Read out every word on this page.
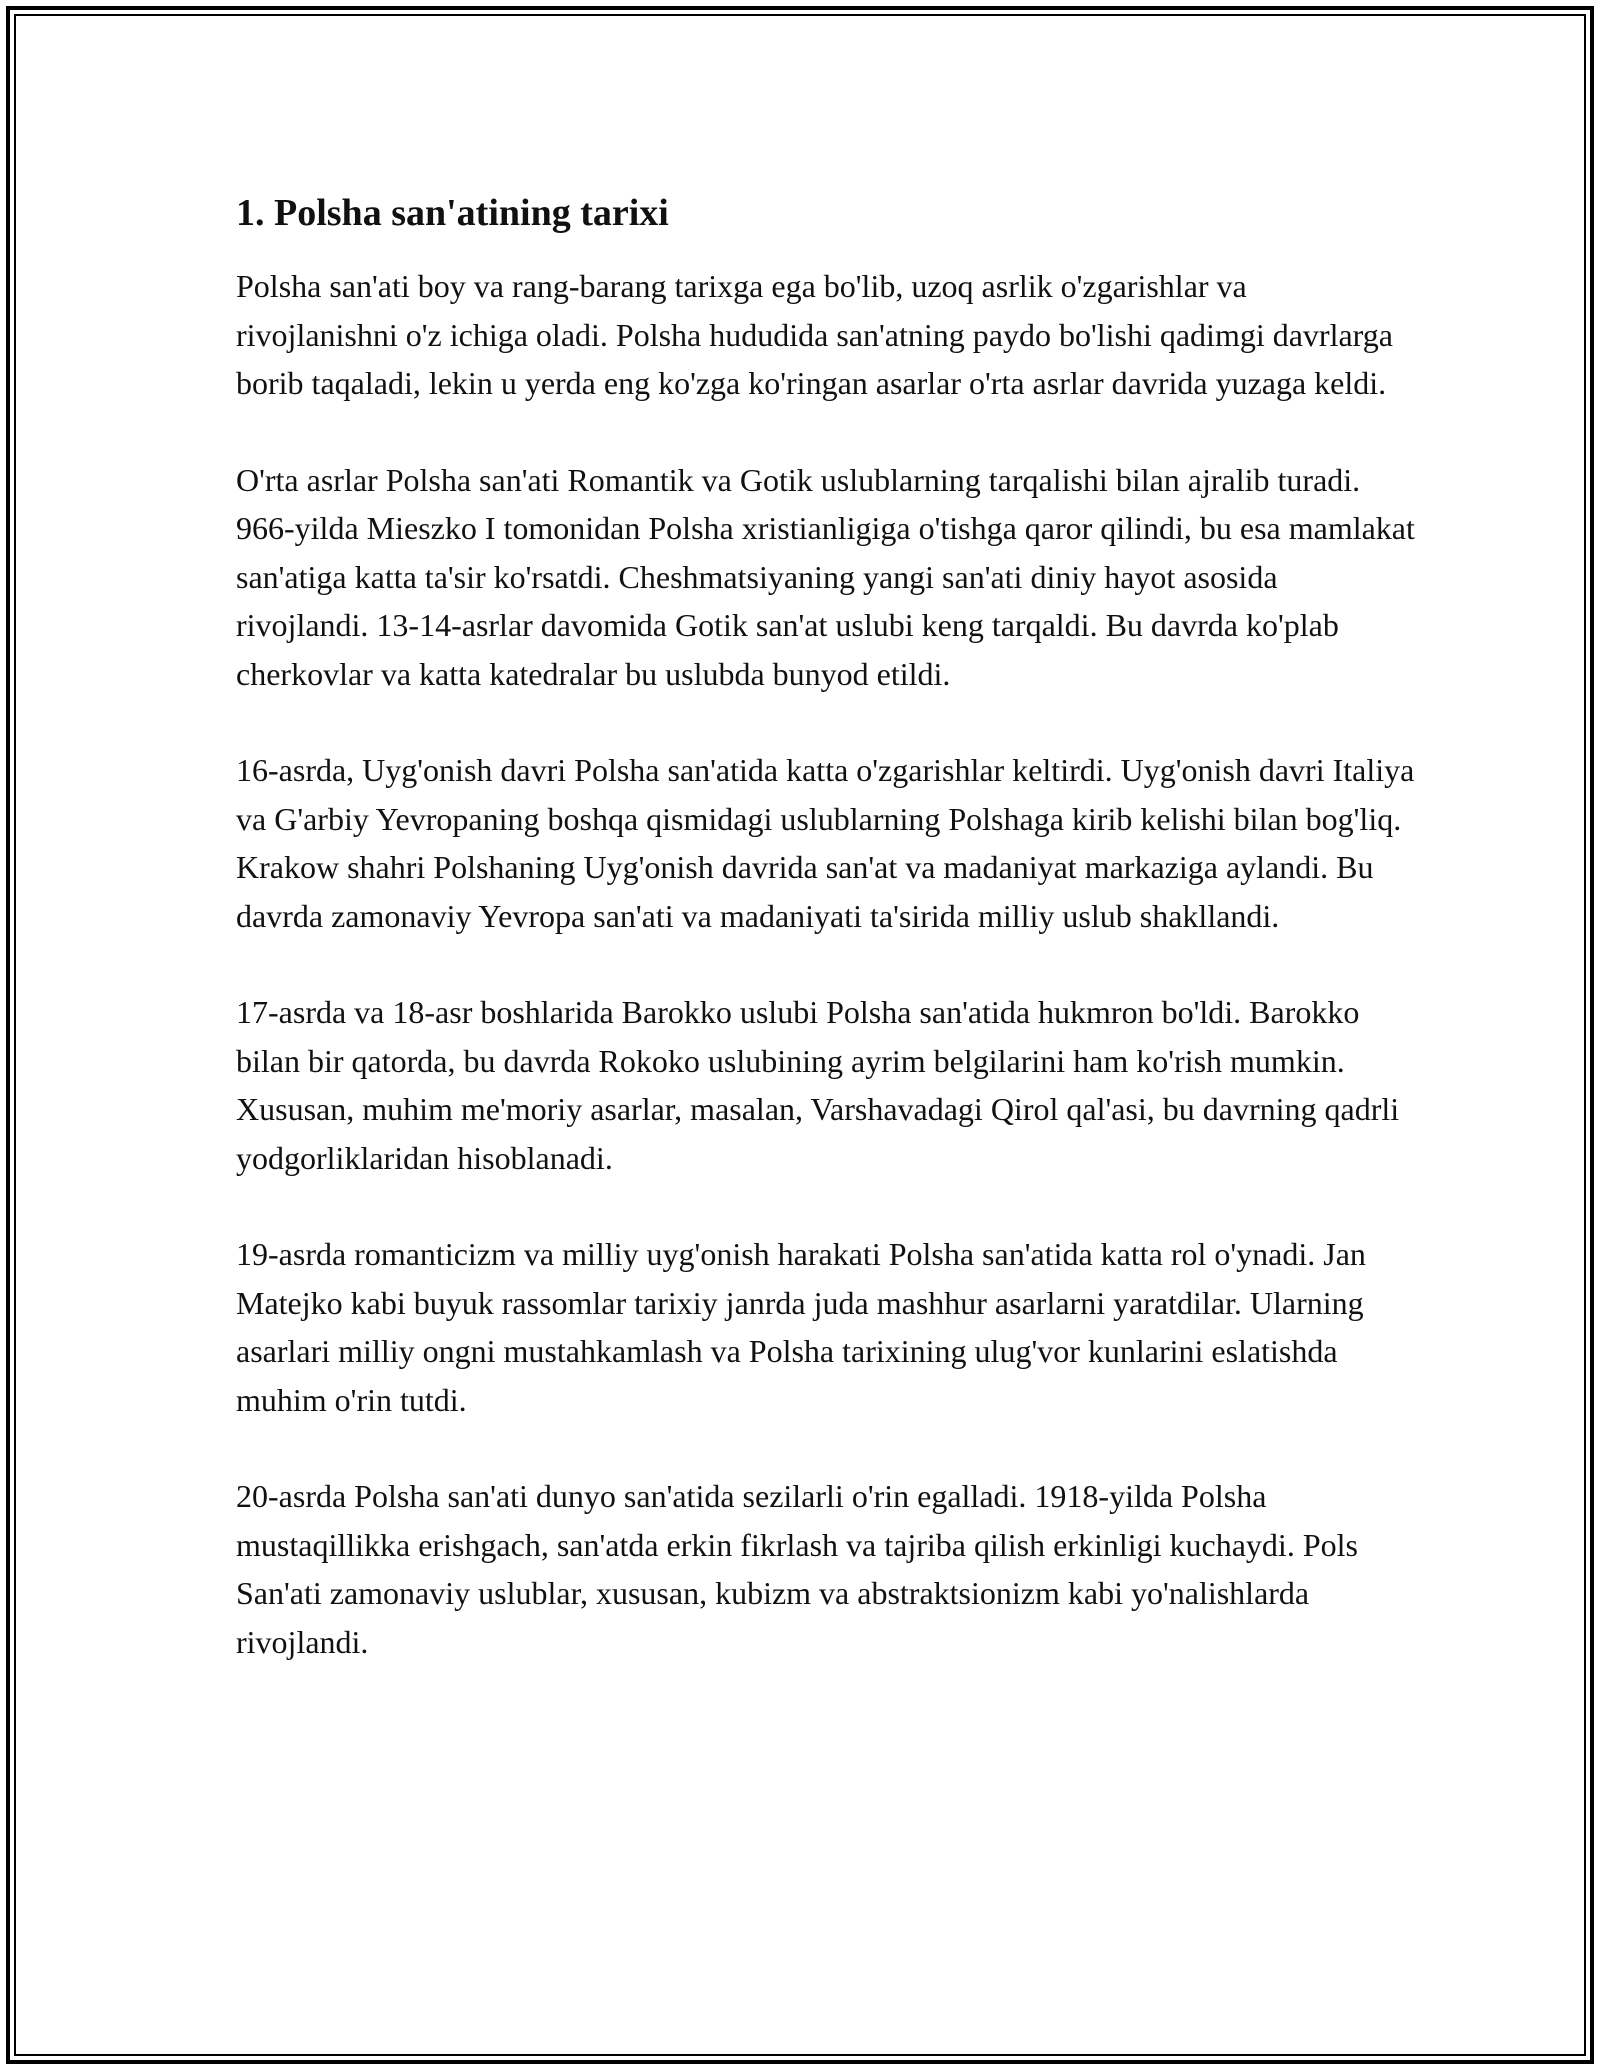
1. Polsha san'atining tarixi

Polsha san'ati boy va rang-barang tarixga ega bo'lib, uzoq asrlik o'zgarishlar va rivojlanishni o'z ichiga oladi. Polsha hududida san'atning paydo bo'lishi qadimgi davrlarga borib taqaladi, lekin u yerda eng ko'zga ko'ringan asarlar o'rta asrlar davrida yuzaga keldi.

O'rta asrlar Polsha san'ati Romantik va Gotik uslublarning tarqalishi bilan ajralib turadi. 966-yilda Mieszko I tomonidan Polsha xristianligiga o'tishga qaror qilindi, bu esa mamlakat san'atiga katta ta'sir ko'rsatdi. Cheshmatsiyaning yangi san'ati diniy hayot asosida rivojlandi. 13-14-asrlar davomida Gotik san'at uslubi keng tarqaldi. Bu davrda ko'plab cherkovlar va katta katedralar bu uslubda bunyod etildi.

16-asrda, Uyg'onish davri Polsha san'atida katta o'zgarishlar keltirdi. Uyg'onish davri Italiya va G'arbiy Yevropaning boshqa qismidagi uslublarning Polshaga kirib kelishi bilan bog'liq. Krakow shahri Polshaning Uyg'onish davrida san'at va madaniyat markaziga aylandi. Bu davrda zamonaviy Yevropa san'ati va madaniyati ta'sirida milliy uslub shakllandi.

17-asrda va 18-asr boshlarida Barokko uslubi Polsha san'atida hukmron bo'ldi. Barokko bilan bir qatorda, bu davrda Rokoko uslubining ayrim belgilarini ham ko'rish mumkin. Xususan, muhim me'moriy asarlar, masalan, Varshavadagi Qirol qal'asi, bu davrning qadrli yodgorliklaridan hisoblanadi.

19-asrda romanticizm va milliy uyg'onish harakati Polsha san'atida katta rol o'ynadi. Jan Matejko kabi buyuk rassomlar tarixiy janrda juda mashhur asarlarni yaratdilar. Ularning asarlari milliy ongni mustahkamlash va Polsha tarixining ulug'vor kunlarini eslatishda muhim o'rin tutdi.

20-asrda Polsha san'ati dunyo san'atida sezilarli o'rin egalladi. 1918-yilda Polsha mustaqillikka erishgach, san'atda erkin fikrlash va tajriba qilish erkinligi kuchaydi. Pols San'ati zamonaviy uslublar, xususan, kubizm va abstraktsionizm kabi yo'nalishlarda rivojlandi.
